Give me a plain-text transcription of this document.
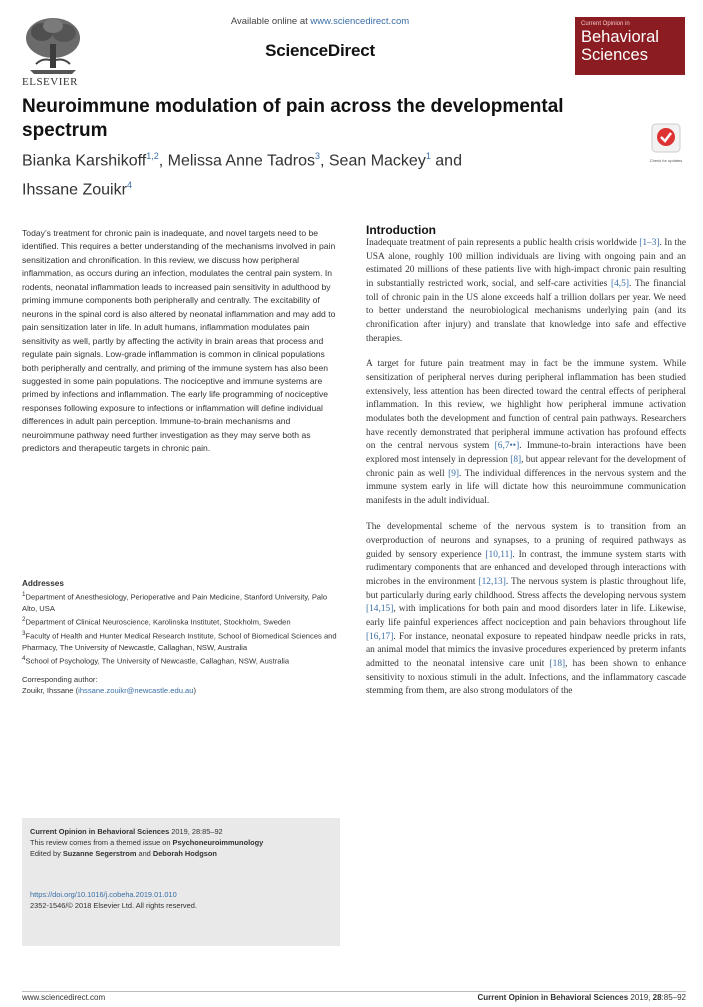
ELSEVIER
Available online at www.sciencedirect.com
ScienceDirect
Current Opinion in
Behavioral Sciences
Check for updates
Neuroimmune modulation of pain across the developmental spectrum
Bianka Karshikoff$^{1,2}$, Melissa Anne Tadros$^3$, Sean Mackey$^1$ and
Ihssane Zouikr$^4$

Today’s treatment for chronic pain is inadequate, and novel targets need to be identified. This requires a better understanding of the mechanisms involved in pain sensitization and chronification. In this review, we discuss how peripheral inflammation, as occurs during an infection, modulates the central pain system. In rodents, neonatal inflammation leads to increased pain sensitivity in adulthood by priming immune components both peripherally and centrally. The excitability of neurons in the spinal cord is also altered by neonatal inflammation and may add to pain sensitization later in life. In adult humans, inflammation modulates pain sensitivity as well, partly by affecting the activity in brain areas that process and regulate pain signals. Low-grade inflammation is common in clinical populations both peripherally and centrally, and priming of the immune system has also been suggested in some pain populations. The nociceptive and immune systems are primed by infections and inflammation. The early life programming of nociceptive responses following exposure to infections or inflammation will define individual differences in adult pain perception. Immune-to-brain mechanisms and neuroimmune pathway need further investigation as they may serve both as predictors and therapeutic targets in chronic pain.

Addresses
$^1$Department of Anesthesiology, Perioperative and Pain Medicine, Stanford University, Palo Alto, USA
$^2$Department of Clinical Neuroscience, Karolinska Institutet, Stockholm, Sweden
$^3$Faculty of Health and Hunter Medical Research Institute, School of Biomedical Sciences and Pharmacy, The University of Newcastle, Callaghan, NSW, Australia
$^4$School of Psychology, The University of Newcastle, Callaghan, NSW, Australia
Corresponding author:
Zouikr, Ihssane (ihssane.zouikr@newcastle.edu.au)
Current Opinion in Behavioral Sciences 2019, 28:85–92
This review comes from a themed issue on Psychoneuroimmunology
Edited by Suzanne Segerstrom and Deborah Hodgson
https://doi.org/10.1016/j.cobeha.2019.01.010
2352-1546/© 2018 Elsevier Ltd. All rights reserved.
Introduction

Inadequate treatment of pain represents a public health crisis worldwide [1–3]. In the USA alone, roughly 100 million individuals are living with ongoing pain and an estimated 20 millions of these patients live with high-impact chronic pain resulting in substantially restricted work, social, and self-care activities [4,5]. The financial toll of chronic pain in the US alone exceeds half a trillion dollars per year. We need to better understand the neurobiological mechanisms underlying pain (and its chronification after injury) and translate that knowledge into safe and effective therapies.

A target for future pain treatment may in fact be the immune system. While sensitization of peripheral nerves during peripheral inflammation has been studied extensively, less attention has been directed toward the central effects of peripheral inflammation. In this review, we highlight how peripheral immune activation modulates both the development and function of central pain pathways. Researchers have recently demonstrated that peripheral immune activation has profound effects on the central nervous system [6,7••]. Immune-to-brain interactions have been explored most intensely in depression [8], but appear relevant for the development of chronic pain as well [9]. The individual differences in the nervous system and the immune system early in life will dictate how this neuroimmune communication manifests in the adult individual.

The developmental scheme of the nervous system is to transition from an overproduction of neurons and synapses, to a pruning of required pathways as guided by sensory experience [10,11]. In contrast, the immune system starts with rudimentary components that are enhanced and developed through interactions with microbes in the environment [12,13]. The nervous system is plastic throughout life, but particularly during early childhood. Stress affects the developing nervous system [14,15], with implications for both pain and mood disorders later in life. Likewise, early life painful experiences affect nociception and pain behaviors throughout life [16,17]. For instance, neonatal exposure to repeated hindpaw needle pricks in rats, an animal model that mimics the invasive procedures experienced by preterm infants admitted to the neonatal intensive care unit [18], has been shown to enhance sensitivity to noxious stimuli in the adult. Infections, and the inflammatory cascade stemming from them, are also strong modulators of the

www.sciencedirect.com	Current Opinion in Behavioral Sciences 2019, 28:85–92
